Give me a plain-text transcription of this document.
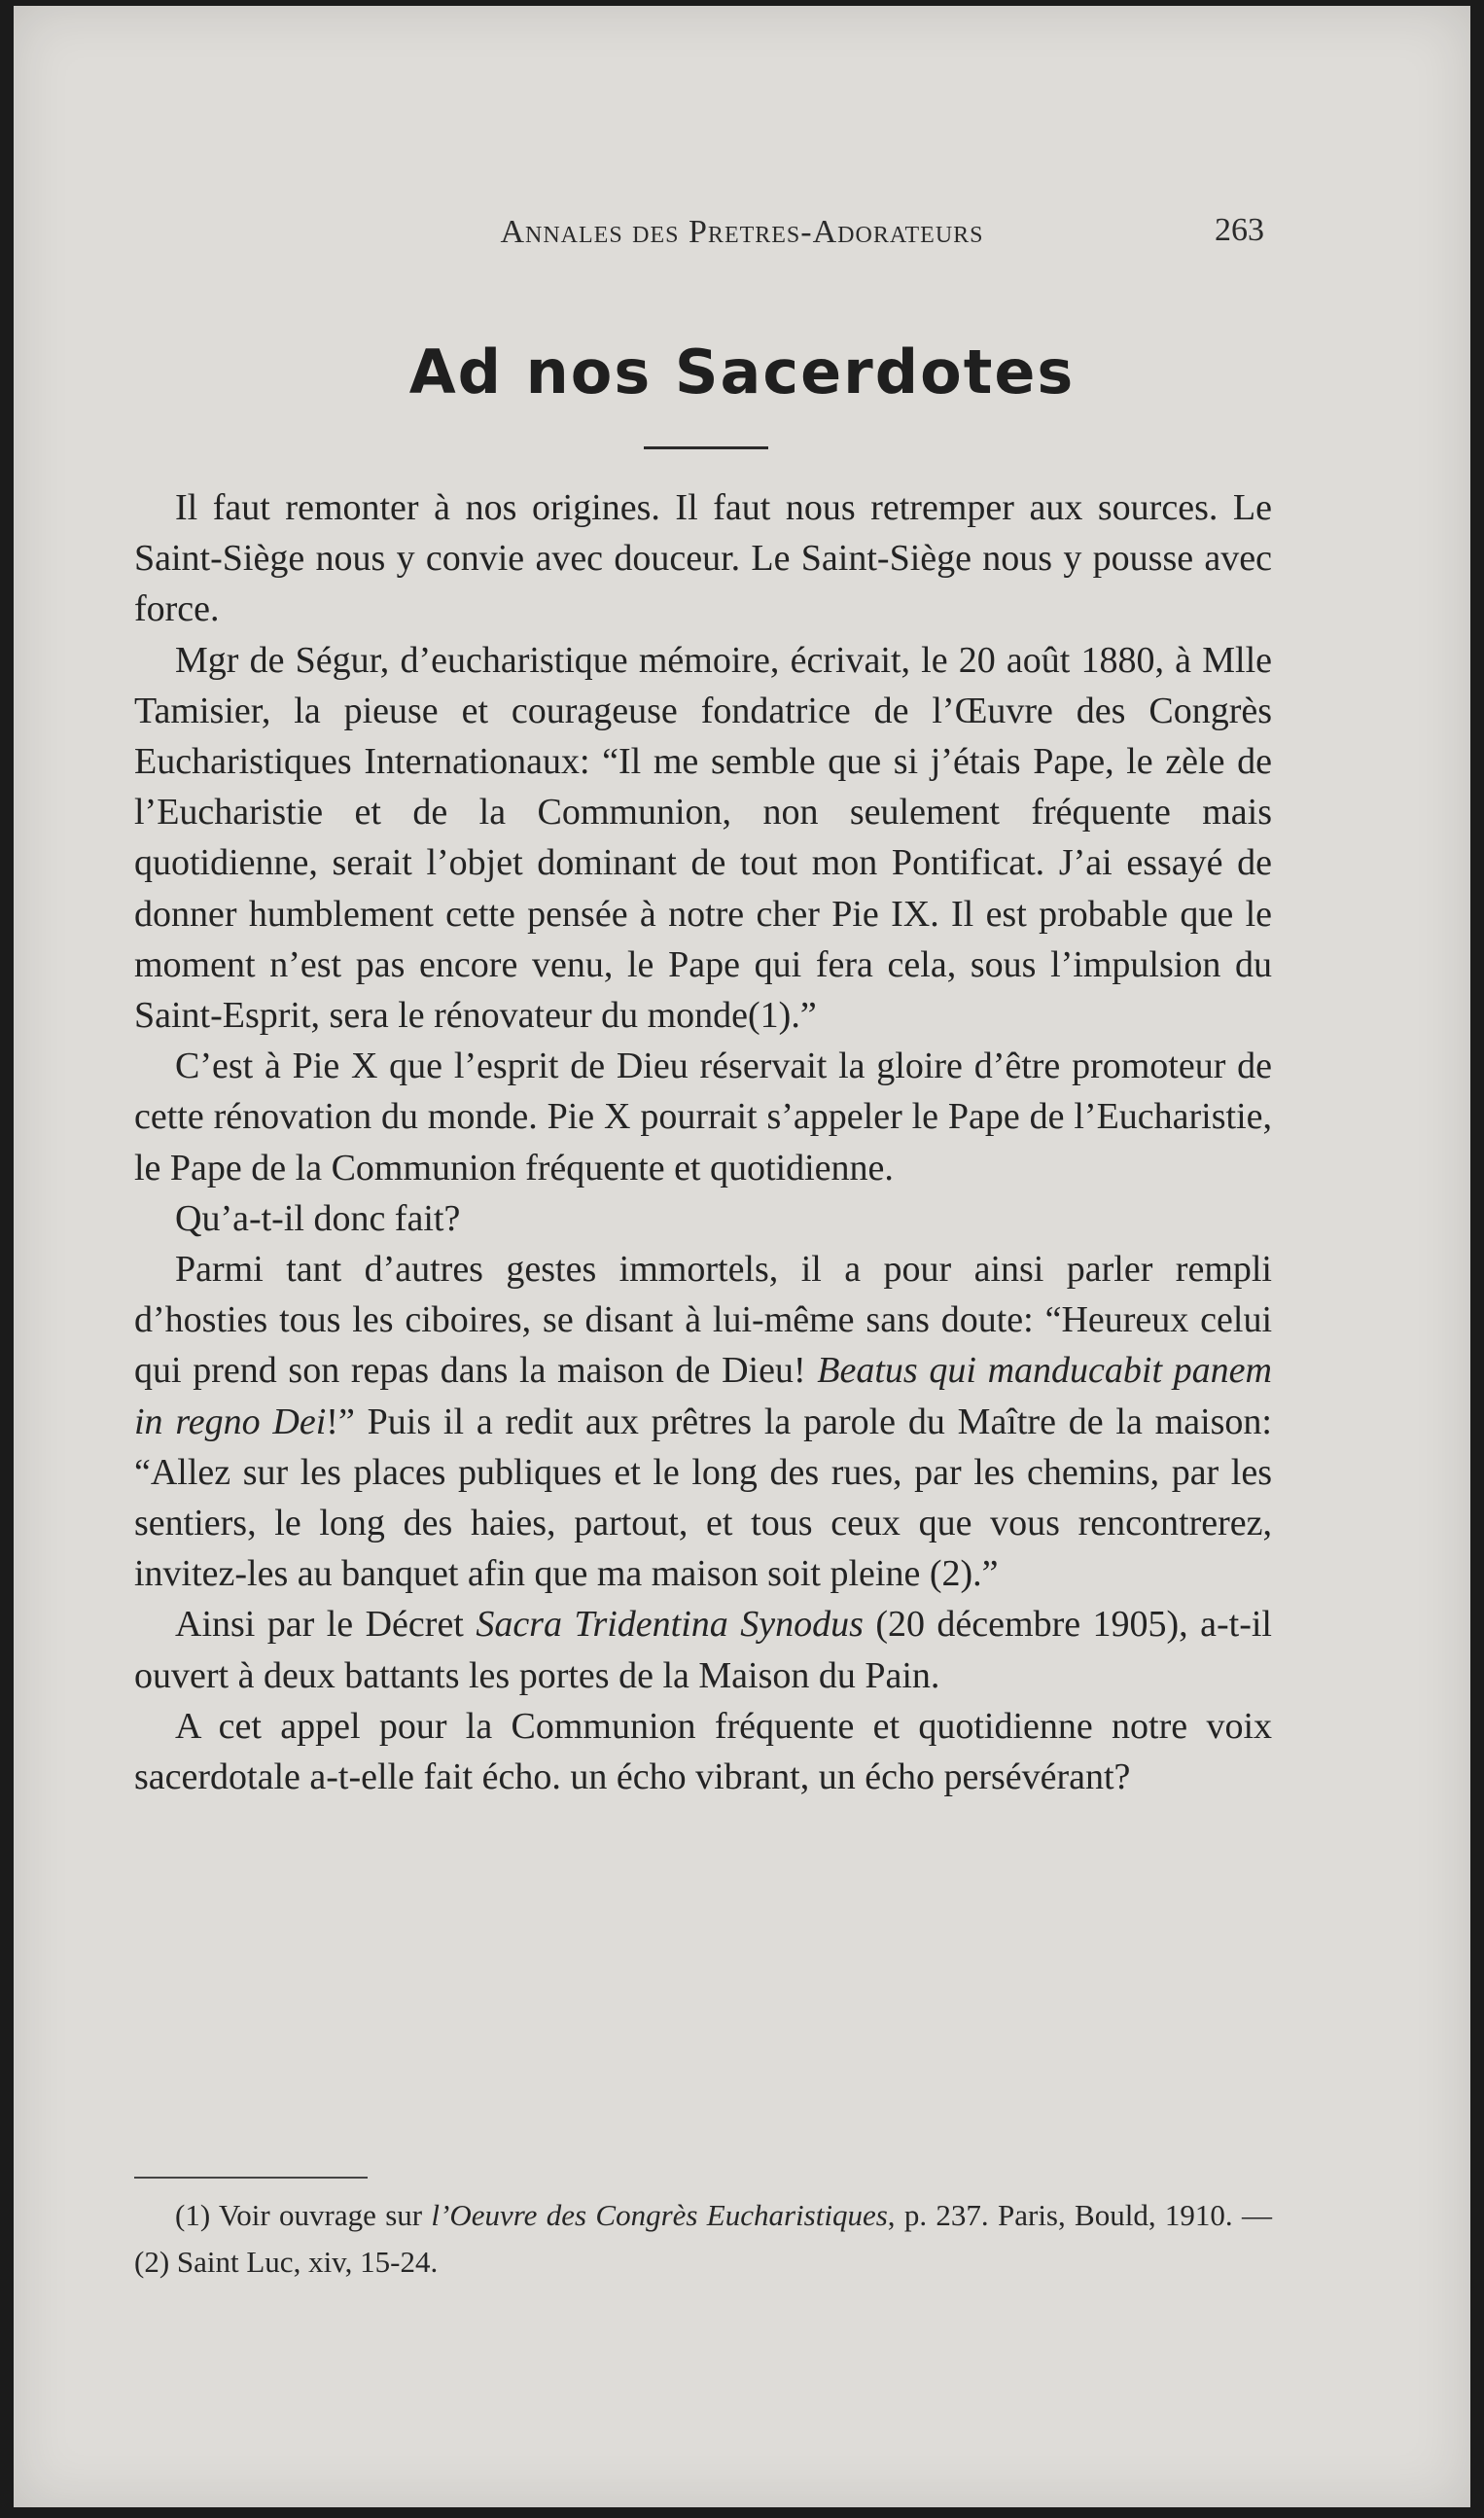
Annales des Pretres-Adorateurs	263
Ad nos Sacerdotes

Il faut remonter à nos origines. Il faut nous retremper aux sources. Le Saint-Siège nous y convie avec douceur. Le Saint-Siège nous y pousse avec force.

Mgr de Ségur, d’eucharistique mémoire, écrivait, le 20 août 1880, à Mlle Tamisier, la pieuse et courageuse fondatrice de l’Œuvre des Congrès Eucharistiques Internationaux: “Il me semble que si j’étais Pape, le zèle de l’Eucharistie et de la Communion, non seulement fréquente mais quotidienne, serait l’objet dominant de tout mon Pontificat. J’ai essayé de donner humblement cette pensée à notre cher Pie IX. Il est probable que le moment n’est pas encore venu, le Pape qui fera cela, sous l’impulsion du Saint-Esprit, sera le rénovateur du monde(1).”

C’est à Pie X que l’esprit de Dieu réservait la gloire d’être promoteur de cette rénovation du monde. Pie X pourrait s’appeler le Pape de l’Eucharistie, le Pape de la Communion fréquente et quotidienne.

Qu’a-t-il donc fait?

Parmi tant d’autres gestes immortels, il a pour ainsi parler rempli d’hosties tous les ciboires, se disant à lui-même sans doute: “Heureux celui qui prend son repas dans la maison de Dieu! Beatus qui manducabit panem in regno Dei!” Puis il a redit aux prêtres la parole du Maître de la maison: “Allez sur les places publiques et le long des rues, par les chemins, par les sentiers, le long des haies, partout, et tous ceux que vous rencontrerez, invitez-les au banquet afin que ma maison soit pleine (2).”

Ainsi par le Décret Sacra Tridentina Synodus (20 décembre 1905), a-t-il ouvert à deux battants les portes de la Maison du Pain.

A cet appel pour la Communion fréquente et quotidienne notre voix sacerdotale a-t-elle fait écho. un écho vibrant, un écho persévérant?

(1) Voir ouvrage sur l’Oeuvre des Congrès Eucharistiques, p. 237. Paris, Bould, 1910. — (2) Saint Luc, xiv, 15-24.
